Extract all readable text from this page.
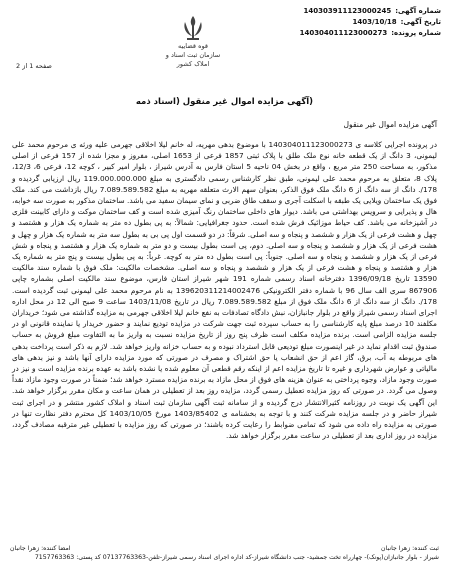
شماره آگهی:
140303911123000245
تاریخ آگهی:
1403/10/18
شماره پرونده:
140304011123000273
قوه قضاییه
سازمان ثبت اسناد و املاک کشور
صفحه 1 از 2
(آگهی مزایده اموال غیر منقول (اسناد ذمه
آگهی مزایده اموال غیر منقول
در پرونده اجرایی کلاسه ی 140304011123000273 با موضوع بدهی مهریه، له خانم لیلا اخلاقی جهرمی علیه ورثه ی مرحوم محمد علی لیمونی، 3 دانگ از یک قطعه خانه نوع ملک طلق با پلاک ثبتی 1857 فرعی از 1653 اصلی، مفروز و مجزا شده از 157 فرعی از اصلی مذکور، به مساحت 250 متر مربع ، واقع در بخش 04 ناحیه 5 استان فارس به آدرس شیراز ، بلوار امیر کبیر ، کوچه 12، فرعی 6، 12/3، پلاک 8، متعلق به مرحوم محمد علی لیمونی، طبق نظر کارشناس رسمی دادگستری به مبلغ 119.000.000.000 ریال ارزیابی گردیده و 178/. دانگ از سه دانگ از 6 دانگ ملک فوق الذکر، بعنوان سهم الارث متعلقه مهریه به مبلغ 7.089.589.582 ریال بازداشت می کند. ملک فوق یک ساختمان ویلایی یک طبقه با اسکلت آجری و سقف طاق ضربی و نمای سیمان سفید می باشد. ساختمان مذکور به صورت سه خوابه، هال و پذیرایی و سرویس بهداشتی می باشد. دیوار های داخلی ساختمان رنگ آمیزی شده است و کف ساختمان موکت و دارای کابینت فلزی در آشپزخانه می باشد. کف حیاط موزائیک فرش شده است. حدود جغرافیایی: شمالاً: به پی بطول ده متر به شماره یک هزار و هشتصد و چهل و هشت فرعی از یک هزار و ششصد و پنجاه و سه اصلی. شرقاً: در دو قسمت اول پی بی به بطول سه متر به شماره یک هزار و چهل و هشت فرعی از یک هزار و ششصد و پنجاه و سه اصلی. دوم، پی است بطول بیست و دو متر به شماره یک هزار و هشتصد و پنجاه و شش فرعی از یک هزار و ششصد و پنجاه و سه اصلی. جنوباً: پی است بطول ده متر به کوچه. غرباً: به پی بطول بیست و پنج متر به شماره یک هزار و هشتصد و پنجاه و هشت فرعی از یک هزار و ششصد و پنجاه و سه اصلی. مشخصات مالکیت: ملک فوق با شماره سند مالکیت 13590 تاریخ 1396/09/18 دفترخانه اسناد رسمی شماره 191 شهر شیراز استان فارس، موضوع سند مالکیت اصلی بشماره چاپی 867906 سری الف سال 96 با شماره دفتر الکترونیکی 139620311214002476 به نام مرحوم محمد علی لیمونی ثبت گردیده است. 178/. دانگ از سه دانگ از 6 دانگ ملک فوق از مبلغ 7.089.589.582 ریال در تاریخ 1403/11/08 ساعت 9 صبح الی 12 در محل اداره اجرای اسناد رسمی شیراز واقع در بلوار جانبازان، نبش دادگاه تصادفات به نفع خانم لیلا اخلاقی جهرمی به مزایده گذاشته می شود؛ خریداران مکلفند 10 درصد مبلغ پایه کارشناسی را به حساب سپرده ثبت جهت شرکت در مزایده تودیع نمایند و حضور خریدار یا نماینده قانونی او در جلسه مزایده الزامی است. برنده مزایده مکلف است ظرف پنج روز از تاریخ مزایده نسبت به واریز ما به التفاوت مبلغ فروش به حساب صندوق ثبت اقدام نماید در غیر اینصورت مبلغ تودیعی قابل استرداد نبوده و به حساب خزانه واریز خواهد شد. لازم به ذکر است پرداخت بدهی های مربوطه به آب، برق، گاز اعم از حق انشعاب یا حق اشتراک و مصرف در صورتی که مورد مزایده دارای آنها باشد و نیز بدهی های مالیاتی و عوارض شهرداری و غیره تا تاریخ مزایده اعم از اینکه رقم قطعی آن معلوم شده یا نشده باشد به عهده برنده مزایده است و نیز در صورت وجود مازاد، وجوه پرداختی به عنوان هزینه های فوق از محل مازاد به برنده مزایده مسترد خواهد شد؛ ضمناً در صورت وجود مازاد نقداً وصول می گردد. در صورتی که روز مزایده تعطیل رسمی گردد، مزایده روز بعد از تعطیلی در همان ساعت و مکان مقرر برگزار خواهد شد. این آگهی یک نوبت در روزنامه کثیرالانتشار درج گردیده و از سامانه ثبت آگهی سازمان ثبت اسناد و املاک کشور منتشر و در اجرای ثبت شیراز حاضر و در جلسه مزایده شرکت کنند و با توجه به بخشنامه ی 1403/85402 مورخ 1403/10/05 کل محترم دفتر نظارت تنها در صورتی به مزایده راه داده می شود که تمامی ضوابط را رعایت کرده باشند؛ در صورتی که روز مزایده با تعطیلی غیر مترقبه مصادف گردد، مزایده در روز اداری بعد از تعطیلی در ساعت مقرر برگزار خواهد شد.
ثبت کننده: زهرا جانبان
امضا کننده: زهرا جانبان
شیراز - بلوار جانبازان(پونک)- چهارراه تخت جمشید- جنب دانشگاه شیراز-کد اداره اجرای اسناد رسمی شیراز-تلفن-07137763363 کد پستی: 7157763363
